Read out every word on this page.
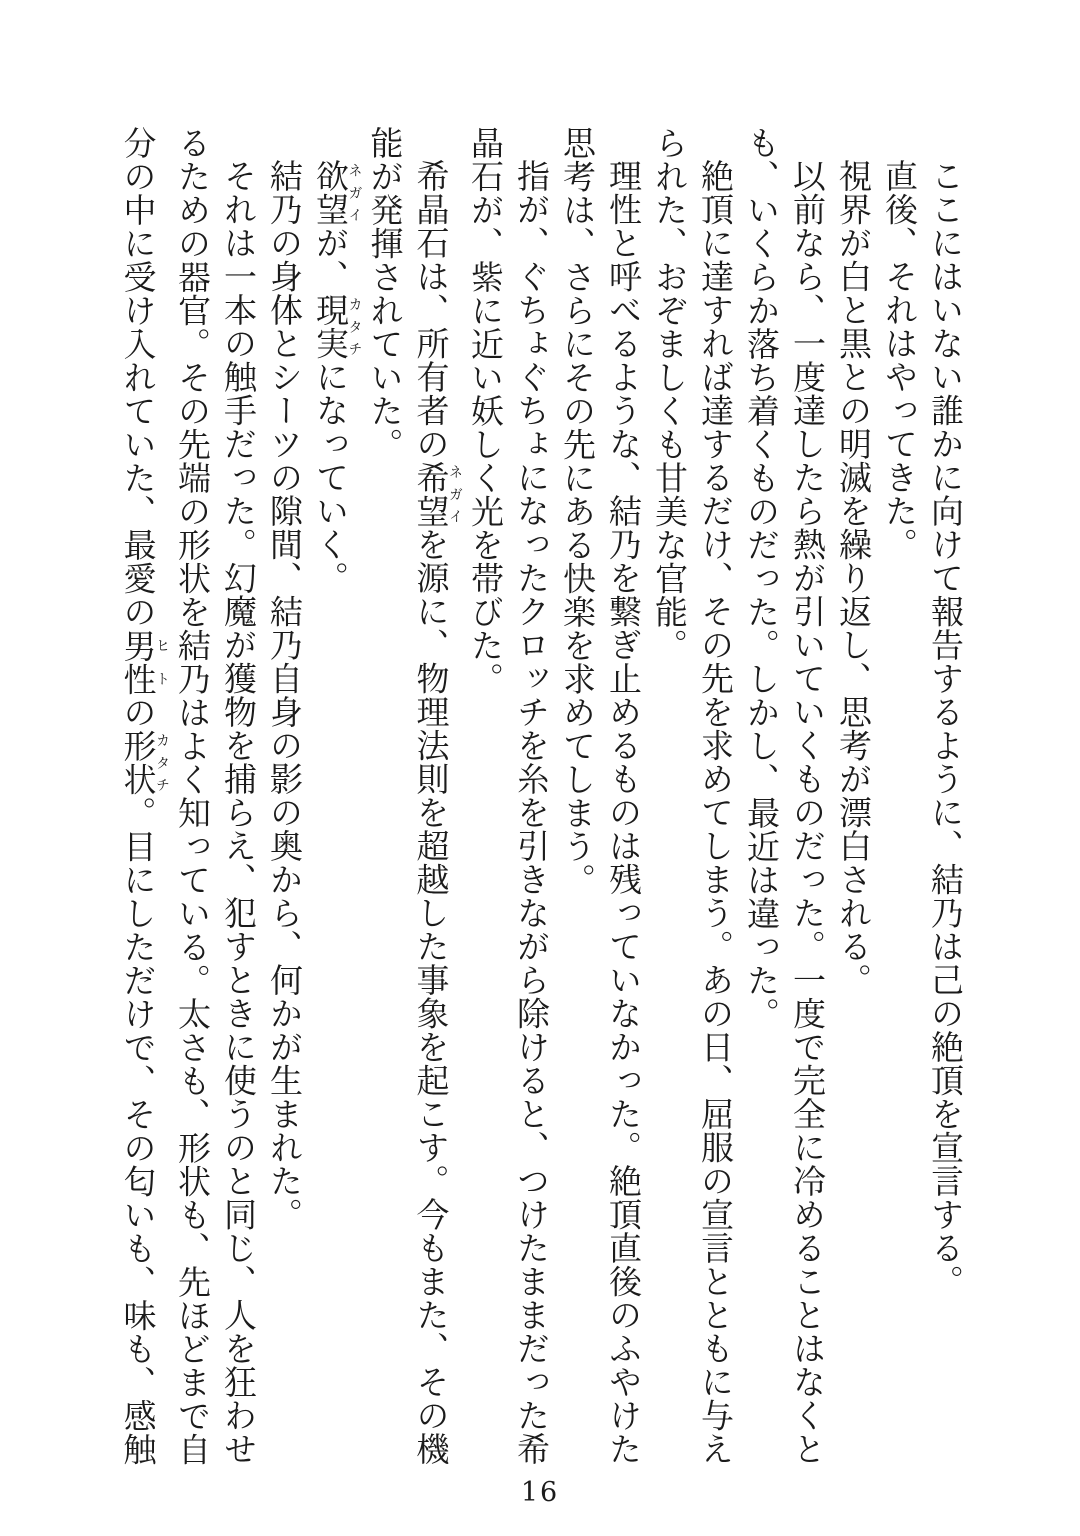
ここにはいない誰かに向けて報告するように、結乃は己の絶頂を宣言する。
直後、それはやってきた。
視界が白と黒との明滅を繰り返し、思考が漂白される。
以前なら、一度達したら熱が引いていくものだった。一度で完全に冷めることはなくと
も、いくらか落ち着くものだった。しかし、最近は違った。
絶頂に達すれば達するだけ、その先を求めてしまう。あの日、屈服の宣言とともに与え
られた、おぞましくも甘美な官能。
理性と呼べるような、結乃を繋ぎ止めるものは残っていなかった。絶頂直後のふやけた
思考は、さらにその先にある快楽を求めてしまう。
指が、ぐちょぐちょになったクロッチを糸を引きながら除けると、つけたままだった希
晶石が、紫に近い妖しく光を帯びた。
希晶石は、所有者の希望ネガイを源に、物理法則を超越した事象を起こす。今もまた、その機
能が発揮されていた。
欲望ネガイが、現実カタチになっていく。
結乃の身体とシーツの隙間、結乃自身の影の奥から、何かが生まれた。
それは一本の触手だった。幻魔が獲物を捕らえ、犯すときに使うのと同じ、人を狂わせ
るための器官。その先端の形状を結乃はよく知っている。太さも、形状も、先ほどまで自
分の中に受け入れていた、最愛の男性ヒトの形状カタチ。目にしただけで、その匂いも、味も、感触
16
